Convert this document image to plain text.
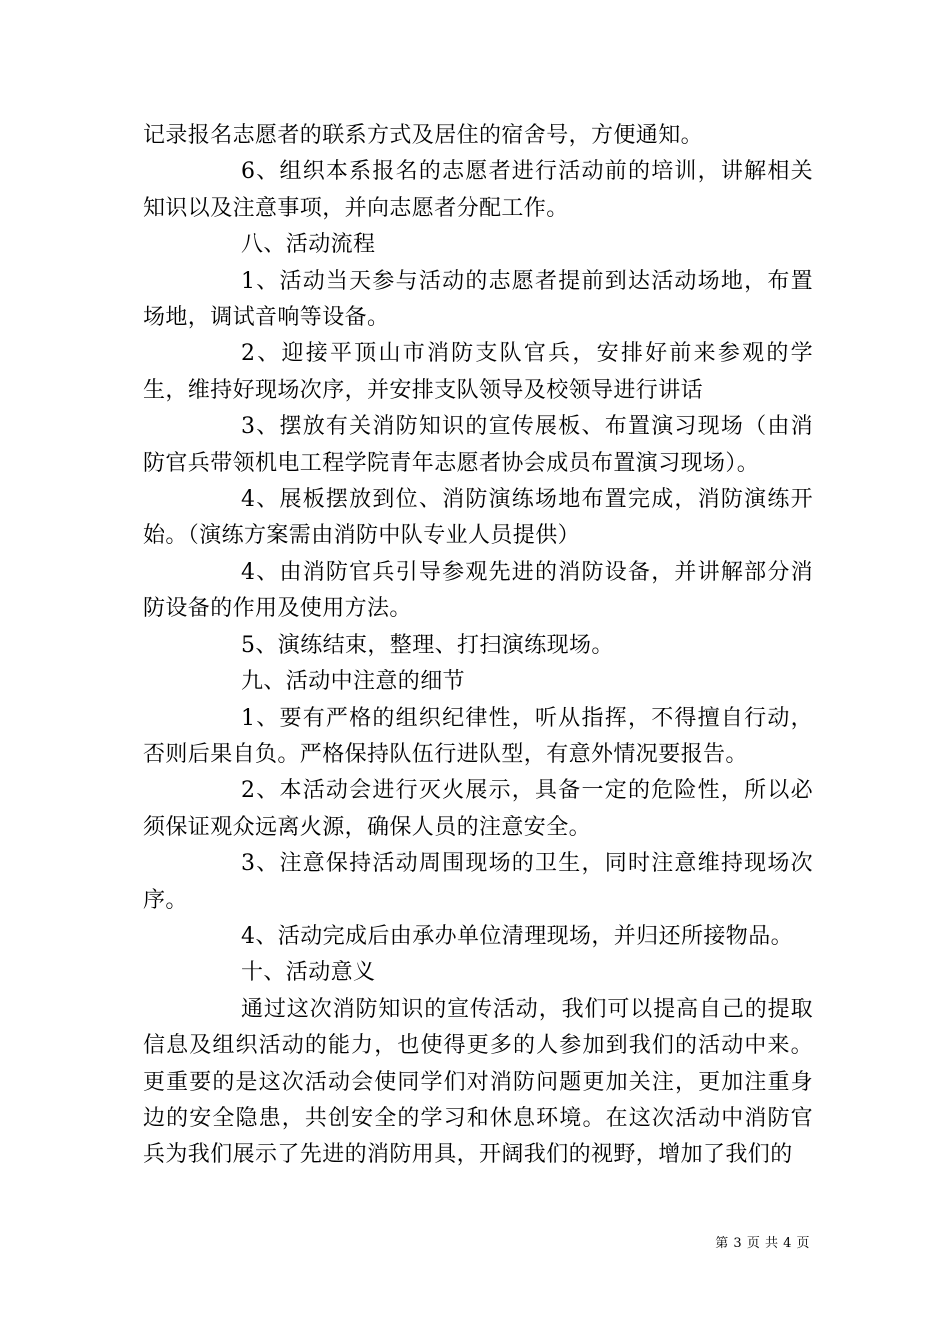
记录报名志愿者的联系方式及居住的宿舍号，方便通知。

6、组织本系报名的志愿者进行活动前的培训，讲解相关知识以及注意事项，并向志愿者分配工作。

八、活动流程

1、活动当天参与活动的志愿者提前到达活动场地，布置场地，调试音响等设备。

2、迎接平顶山市消防支队官兵，安排好前来参观的学生，维持好现场次序，并安排支队领导及校领导进行讲话

3、摆放有关消防知识的宣传展板、布置演习现场（由消防官兵带领机电工程学院青年志愿者协会成员布置演习现场）。

4、展板摆放到位、消防演练场地布置完成，消防演练开始。（演练方案需由消防中队专业人员提供）

4、由消防官兵引导参观先进的消防设备，并讲解部分消防设备的作用及使用方法。

5、演练结束，整理、打扫演练现场。

九、活动中注意的细节

1、要有严格的组织纪律性，听从指挥，不得擅自行动，否则后果自负。严格保持队伍行进队型，有意外情况要报告。

2、本活动会进行灭火展示，具备一定的危险性，所以必须保证观众远离火源，确保人员的注意安全。

3、注意保持活动周围现场的卫生，同时注意维持现场次序。

4、活动完成后由承办单位清理现场，并归还所接物品。

十、活动意义

通过这次消防知识的宣传活动，我们可以提高自己的提取信息及组织活动的能力，也使得更多的人参加到我们的活动中来。更重要的是这次活动会使同学们对消防问题更加关注，更加注重身边的安全隐患，共创安全的学习和休息环境。在这次活动中消防官兵为我们展示了先进的消防用具，开阔我们的视野，增加了我们的

第 3 页 共 4 页
